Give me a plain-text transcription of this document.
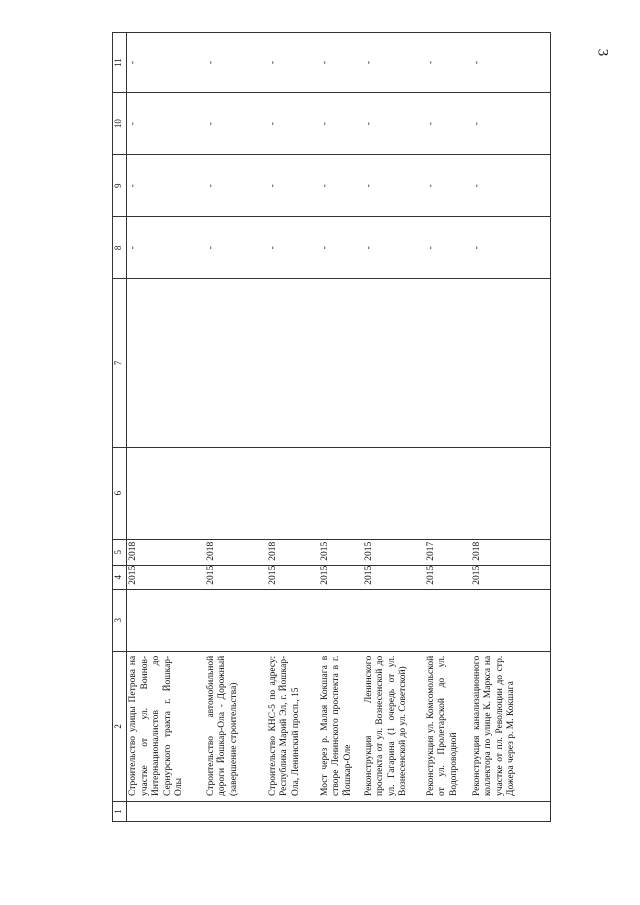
3
1	2	3	4	5	6	7	8	9	10	11
	Строительство улицы Петрова на участке от ул. Воинов-Интернационалистов до Сернурского тракта г. Йошкар-Олы		2015	2018			-	-	-	-
	Строительство автомобильной дороги Йошкар-Ола - Дорожный (завершение строительства)		2015	2018			-	-	-	-
	Строительство КНС-5 по адресу: Республика Марий Эл, г. Йошкар-Ола, Ленинский просп., 15		2015	2018			-	-	-	-
	Мост через р. Малая Кокшага в створе Ленинского проспекта в г. Йошкар-Оле		2015	2015			-	-	-	-
	Реконструкция Ленинского проспекта от ул. Вознесенской до ул. Гагарина (1 очередь от ул. Вознесенской до ул. Советской)		2015	2015			-	-	-	-
	Реконструкция ул. Комсомольской от ул. Пролетарской до ул. Водопроводной		2015	2017			-	-	-	-
	Реконструкция канализационного коллектора по улице К. Маркса на участке от пл. Революции до стр. Дожера через р. М. Кокшага		2015	2018			-	-	-	-
